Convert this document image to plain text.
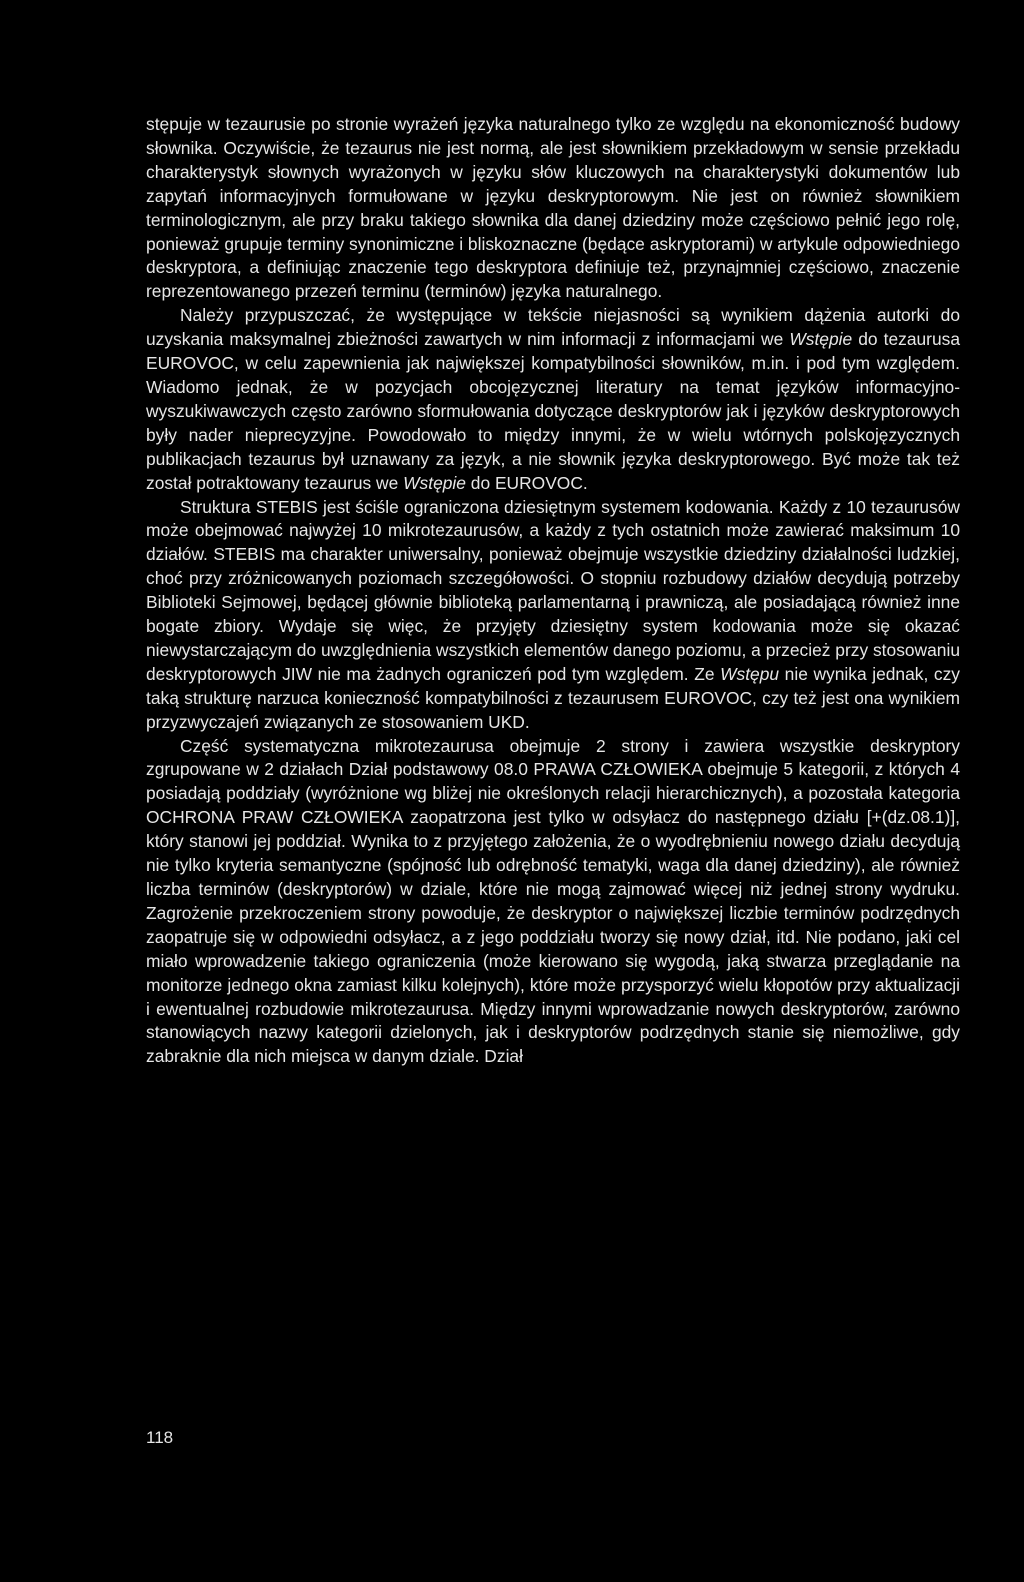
stępuje w tezaurusie po stronie wyrażeń języka naturalnego tylko ze względu na ekonomiczność budowy słownika. Oczywiście, że tezaurus nie jest normą, ale jest słownikiem przekładowym w sensie przekładu charakterystyk słownych wyrażonych w języku słów kluczowych na charakterystyki dokumentów lub zapytań informacyjnych formułowane w języku deskryptorowym. Nie jest on również słownikiem terminologicznym, ale przy braku takiego słownika dla danej dziedziny może częściowo pełnić jego rolę, ponieważ grupuje terminy synonimiczne i bliskoznaczne (będące askryptorami) w artykule odpowiedniego deskryptora, a definiując znaczenie tego deskryptora definiuje też, przynajmniej częściowo, znaczenie reprezentowanego przezeń terminu (terminów) języka naturalnego.

Należy przypuszczać, że występujące w tekście niejasności są wynikiem dążenia autorki do uzyskania maksymalnej zbieżności zawartych w nim informacji z informacjami we Wstępie do tezaurusa EUROVOC, w celu zapewnienia jak największej kompatybilności słowników, m.in. i pod tym względem. Wiadomo jednak, że w pozycjach obcojęzycznej literatury na temat języków informacyjno-wyszukiwawczych często zarówno sformułowania dotyczące deskryptorów jak i języków deskryptorowych były nader nieprecyzyjne. Powodowało to między innymi, że w wielu wtórnych polskojęzycznych publikacjach tezaurus był uznawany za język, a nie słownik języka deskryptorowego. Być może tak też został potraktowany tezaurus we Wstępie do EUROVOC.

Struktura STEBIS jest ściśle ograniczona dziesiętnym systemem kodowania. Każdy z 10 tezaurusów może obejmować najwyżej 10 mikrotezaurusów, a każdy z tych ostatnich może zawierać maksimum 10 działów. STEBIS ma charakter uniwersalny, ponieważ obejmuje wszystkie dziedziny działalności ludzkiej, choć przy zróżnicowanych poziomach szczegółowości. O stopniu rozbudowy działów decydują potrzeby Biblioteki Sejmowej, będącej głównie biblioteką parlamentarną i prawniczą, ale posiadającą również inne bogate zbiory. Wydaje się więc, że przyjęty dziesiętny system kodowania może się okazać niewystarczającym do uwzględnienia wszystkich elementów danego poziomu, a przecież przy stosowaniu deskryptorowych JIW nie ma żadnych ograniczeń pod tym względem. Ze Wstępu nie wynika jednak, czy taką strukturę narzuca konieczność kompatybilności z tezaurusem EUROVOC, czy też jest ona wynikiem przyzwyczajeń związanych ze stosowaniem UKD.

Część systematyczna mikrotezaurusa obejmuje 2 strony i zawiera wszystkie deskryptory zgrupowane w 2 działach Dział podstawowy 08.0 PRAWA CZŁOWIEKA obejmuje 5 kategorii, z których 4 posiadają poddziały (wyróżnione wg bliżej nie określonych relacji hierarchicznych), a pozostała kategoria OCHRONA PRAW CZŁOWIEKA zaopatrzona jest tylko w odsyłacz do następnego działu [+(dz.08.1)], który stanowi jej poddział. Wynika to z przyjętego założenia, że o wyodrębnieniu nowego działu decydują nie tylko kryteria semantyczne (spójność lub odrębność tematyki, waga dla danej dziedziny), ale również liczba terminów (deskryptorów) w dziale, które nie mogą zajmować więcej niż jednej strony wydruku. Zagrożenie przekroczeniem strony powoduje, że deskryptor o największej liczbie terminów podrzędnych zaopatruje się w odpowiedni odsyłacz, a z jego poddziału tworzy się nowy dział, itd. Nie podano, jaki cel miało wprowadzenie takiego ograniczenia (może kierowano się wygodą, jaką stwarza przeglądanie na monitorze jednego okna zamiast kilku kolejnych), które może przysporzyć wielu kłopotów przy aktualizacji i ewentualnej rozbudowie mikrotezaurusa. Między innymi wprowadzanie nowych deskryptorów, zarówno stanowiących nazwy kategorii dzielonych, jak i deskryptorów podrzędnych stanie się niemożliwe, gdy zabraknie dla nich miejsca w danym dziale. Dział

118
